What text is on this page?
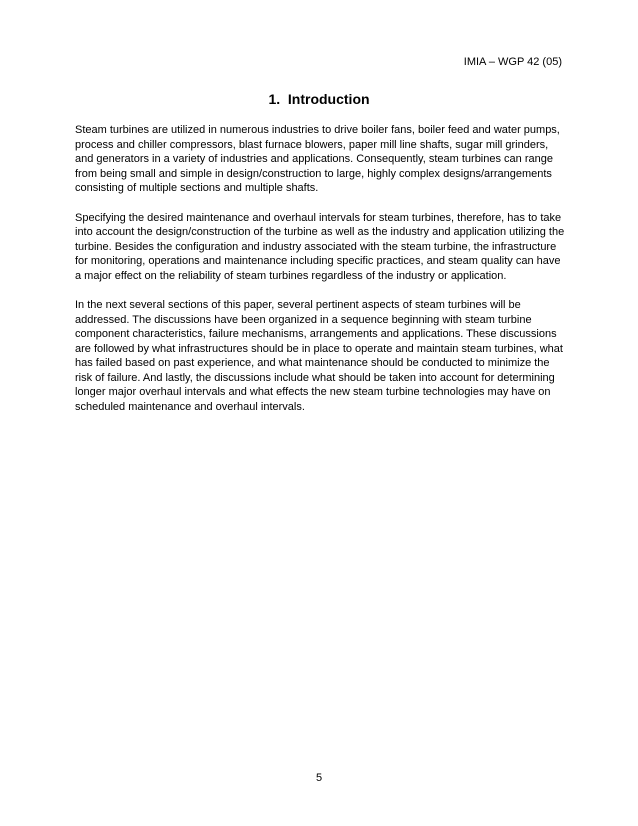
IMIA – WGP 42 (05)
1. Introduction

Steam turbines are utilized in numerous industries to drive boiler fans, boiler feed and water pumps, process and chiller compressors, blast furnace blowers, paper mill line shafts, sugar mill grinders, and generators in a variety of industries and applications. Consequently, steam turbines can range from being small and simple in design/construction to large, highly complex designs/arrangements consisting of multiple sections and multiple shafts.

Specifying the desired maintenance and overhaul intervals for steam turbines, therefore, has to take into account the design/construction of the turbine as well as the industry and application utilizing the turbine. Besides the configuration and industry associated with the steam turbine, the infrastructure for monitoring, operations and maintenance including specific practices, and steam quality can have a major effect on the reliability of steam turbines regardless of the industry or application.

In the next several sections of this paper, several pertinent aspects of steam turbines will be addressed. The discussions have been organized in a sequence beginning with steam turbine component characteristics, failure mechanisms, arrangements and applications. These discussions are followed by what infrastructures should be in place to operate and maintain steam turbines, what has failed based on past experience, and what maintenance should be conducted to minimize the risk of failure. And lastly, the discussions include what should be taken into account for determining longer major overhaul intervals and what effects the new steam turbine technologies may have on scheduled maintenance and overhaul intervals.

5
